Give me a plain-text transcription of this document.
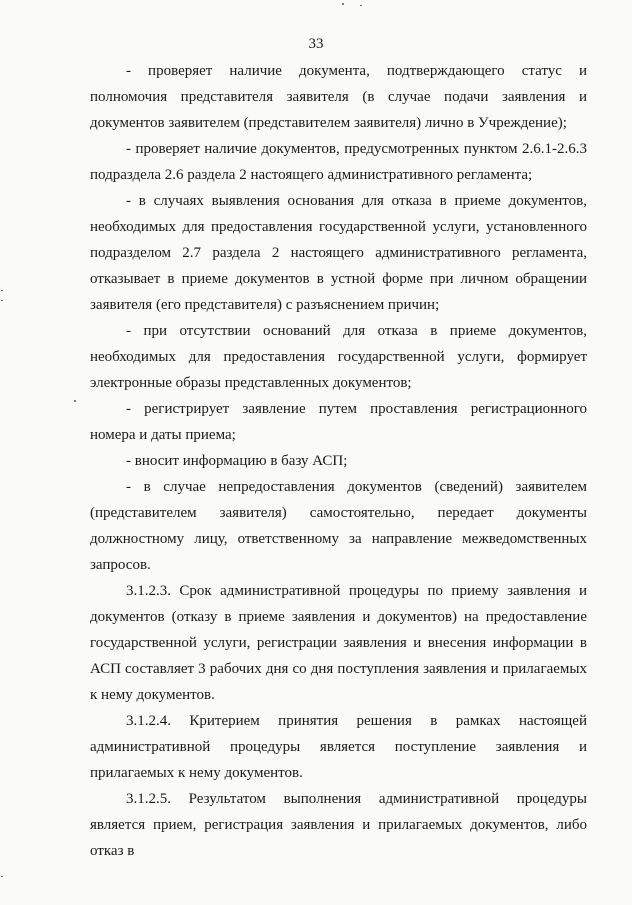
33

- проверяет наличие документа, подтверждающего статус и полномочия представителя заявителя (в случае подачи заявления и документов заявителем (представителем заявителя) лично в Учреждение);

- проверяет наличие документов, предусмотренных пунктом 2.6.1-2.6.3 подраздела 2.6 раздела 2 настоящего административного регламента;

- в случаях выявления основания для отказа в приеме документов, необходимых для предоставления государственной услуги, установленного подразделом 2.7 раздела 2 настоящего административного регламента, отказывает в приеме документов в устной форме при личном обращении заявителя (его представителя) с разъяснением причин;

- при отсутствии оснований для отказа в приеме документов, необходимых для предоставления государственной услуги, формирует электронные образы представленных документов;

- регистрирует заявление путем проставления регистрационного номера и даты приема;

- вносит информацию в базу АСП;

- в случае непредоставления документов (сведений) заявителем (представителем заявителя) самостоятельно, передает документы должностному лицу, ответственному за направление межведомственных запросов.

3.1.2.3. Срок административной процедуры по приему заявления и документов (отказу в приеме заявления и документов) на предоставление государственной услуги, регистрации заявления и внесения информации в АСП составляет 3 рабочих дня со дня поступления заявления и прилагаемых к нему документов.

3.1.2.4. Критерием принятия решения в рамках настоящей административной процедуры является поступление заявления и прилагаемых к нему документов.

3.1.2.5. Результатом выполнения административной процедуры является прием, регистрация заявления и прилагаемых документов, либо отказ в
